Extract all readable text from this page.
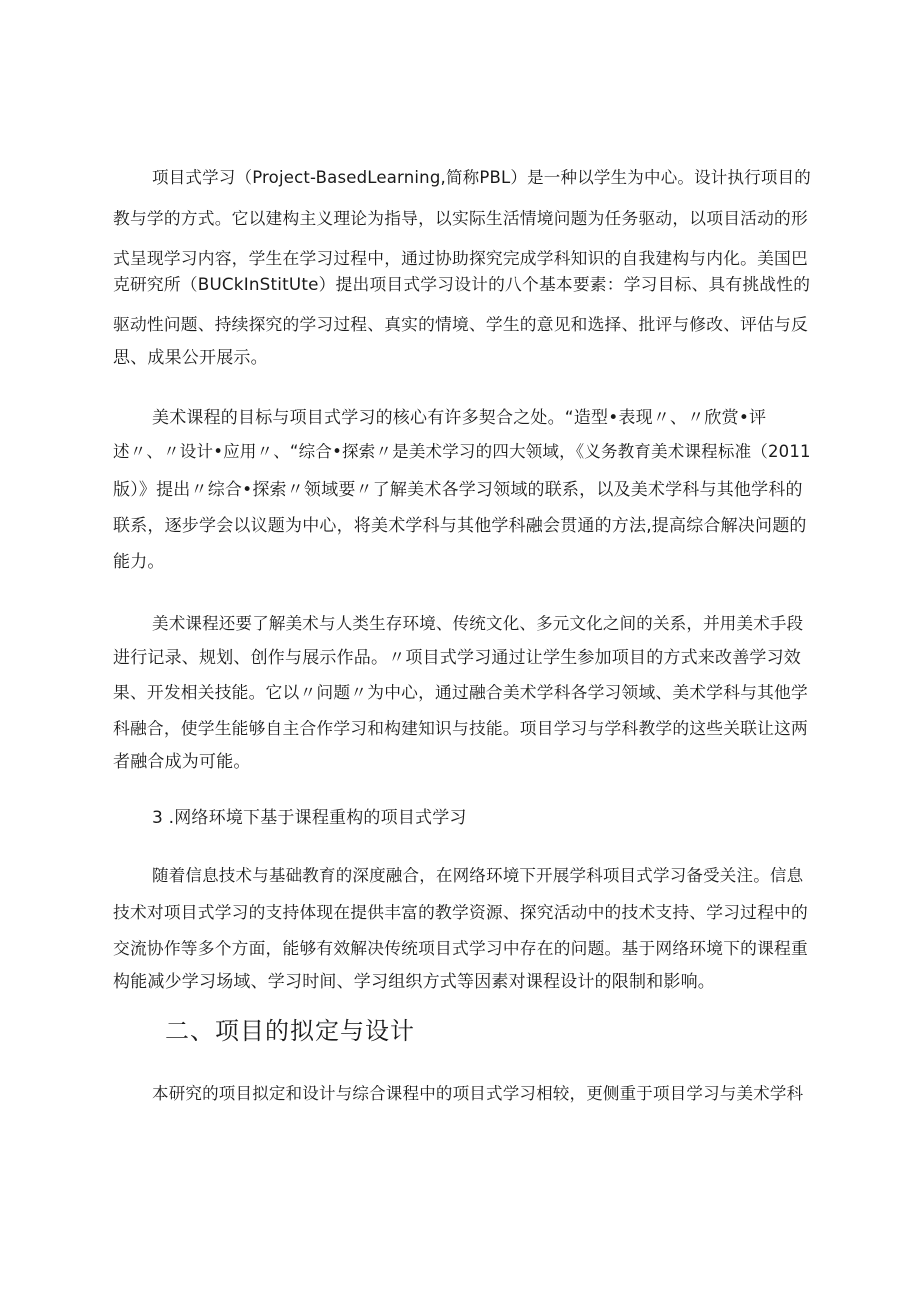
项目式学习（Project-BasedLearning,简称PBL）是一种以学生为中心。设计执行项目的
教与学的方式。它以建构主义理论为指导，以实际生活情境问题为任务驱动，以项目活动的形
式呈现学习内容，学生在学习过程中，通过协助探究完成学科知识的自我建构与内化。美国巴
克研究所（BUCkInStitUte）提出项目式学习设计的八个基本要素：学习目标、具有挑战性的
驱动性问题、持续探究的学习过程、真实的情境、学生的意见和选择、批评与修改、评估与反
思、成果公开展示。
美术课程的目标与项目式学习的核心有许多契合之处。“造型•表现〃、〃欣赏•评
述〃、〃设计•应用〃、“综合•探索〃是美术学习的四大领域，《义务教育美术课程标准（2011
版）》提出〃综合•探索〃领域要〃了解美术各学习领域的联系，以及美术学科与其他学科的
联系，逐步学会以议题为中心，将美术学科与其他学科融会贯通的方法,提高综合解决问题的
能力。
美术课程还要了解美术与人类生存环境、传统文化、多元文化之间的关系，并用美术手段
进行记录、规划、创作与展示作品。〃项目式学习通过让学生参加项目的方式来改善学习效
果、开发相关技能。它以〃问题〃为中心，通过融合美术学科各学习领域、美术学科与其他学
科融合，使学生能够自主合作学习和构建知识与技能。项目学习与学科教学的这些关联让这两
者融合成为可能。
3 .网络环境下基于课程重构的项目式学习
随着信息技术与基础教育的深度融合，在网络环境下开展学科项目式学习备受关注。信息
技术对项目式学习的支持体现在提供丰富的教学资源、探究活动中的技术支持、学习过程中的
交流协作等多个方面，能够有效解决传统项目式学习中存在的问题。基于网络环境下的课程重
构能减少学习场域、学习时间、学习组织方式等因素对课程设计的限制和影响。
二、项目的拟定与设计
本研究的项目拟定和设计与综合课程中的项目式学习相较，更侧重于项目学习与美术学科
